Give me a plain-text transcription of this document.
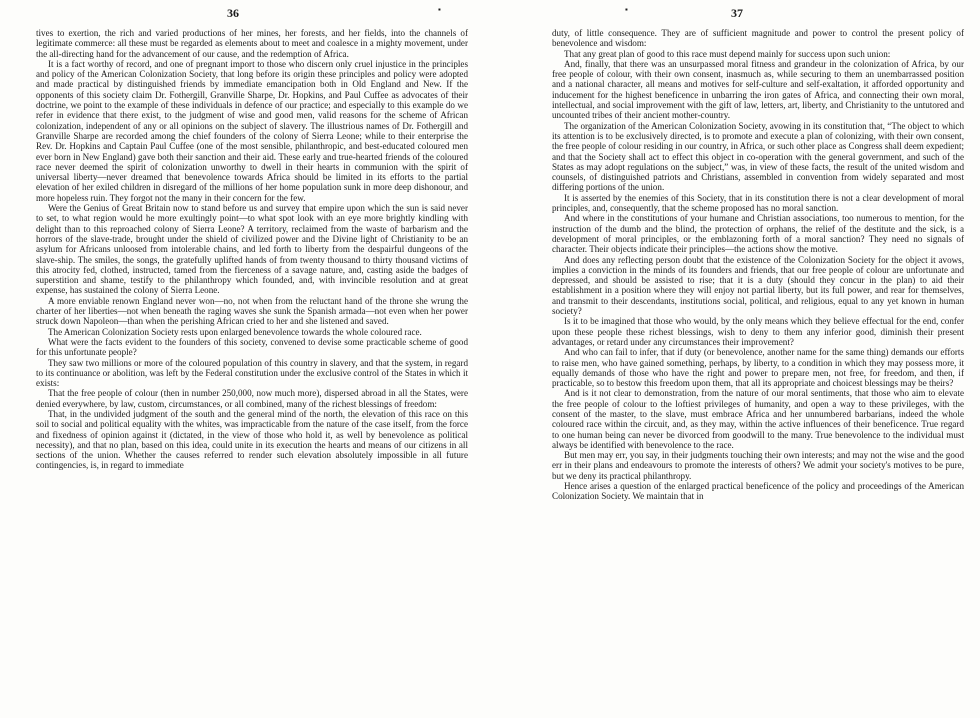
36	▪

tives to exertion, the rich and varied productions of her mines, her forests, and her fields, into the channels of legitimate commerce: all these must be regarded as elements about to meet and coalesce in a mighty movement, under the all-directing hand for the advancement of our cause, and the redemption of Africa.

It is a fact worthy of record, and one of pregnant import to those who discern only cruel injustice in the principles and policy of the American Colonization Society, that long before its origin these principles and policy were adopted and made practical by distinguished friends by immediate emancipation both in Old England and New. If the opponents of this society claim Dr. Fothergill, Granville Sharpe, Dr. Hopkins, and Paul Cuffee as advocates of their doctrine, we point to the example of these individuals in defence of our practice; and especially to this example do we refer in evidence that there exist, to the judgment of wise and good men, valid reasons for the scheme of African colonization, independent of any or all opinions on the subject of slavery. The illustrious names of Dr. Fothergill and Granville Sharpe are recorded among the chief founders of the colony of Sierra Leone; while to their enterprise the Rev. Dr. Hopkins and Captain Paul Cuffee (one of the most sensible, philanthropic, and best-educated coloured men ever born in New England) gave both their sanction and their aid. These early and true-hearted friends of the coloured race never deemed the spirit of colonization unworthy to dwell in their hearts in communion with the spirit of universal liberty—never dreamed that benevolence towards Africa should be limited in its efforts to the partial elevation of her exiled children in disregard of the millions of her home population sunk in more deep dishonour, and more hopeless ruin. They forgot not the many in their concern for the few.

Were the Genius of Great Britain now to stand before us and survey that empire upon which the sun is said never to set, to what region would he more exultingly point—to what spot look with an eye more brightly kindling with delight than to this reproached colony of Sierra Leone? A territory, reclaimed from the waste of barbarism and the horrors of the slave-trade, brought under the shield of civilized power and the Divine light of Christianity to be an asylum for Africans unloosed from intolerable chains, and led forth to liberty from the despairful dungeons of the slave-ship. The smiles, the songs, the gratefully uplifted hands of from twenty thousand to thirty thousand victims of this atrocity fed, clothed, instructed, tamed from the fierceness of a savage nature, and, casting aside the badges of superstition and shame, testify to the philanthropy which founded, and, with invincible resolution and at great expense, has sustained the colony of Sierra Leone.

A more enviable renown England never won—no, not when from the reluctant hand of the throne she wrung the charter of her liberties—not when beneath the raging waves she sunk the Spanish armada—not even when her power struck down Napoleon—than when the perishing African cried to her and she listened and saved.

The American Colonization Society rests upon enlarged benevolence towards the whole coloured race.

What were the facts evident to the founders of this society, convened to devise some practicable scheme of good for this unfortunate people?

They saw two millions or more of the coloured population of this country in slavery, and that the system, in regard to its continuance or abolition, was left by the Federal constitution under the exclusive control of the States in which it exists:

That the free people of colour (then in number 250,000, now much more), dispersed abroad in all the States, were denied everywhere, by law, custom, circumstances, or all combined, many of the richest blessings of freedom:

That, in the undivided judgment of the south and the general mind of the north, the elevation of this race on this soil to social and political equality with the whites, was impracticable from the nature of the case itself, from the force and fixedness of opinion against it (dictated, in the view of those who hold it, as well by benevolence as political necessity), and that no plan, based on this idea, could unite in its execution the hearts and means of our citizens in all sections of the union. Whether the causes referred to render such elevation absolutely impossible in all future contingencies, is, in regard to immediate

37
▪

duty, of little consequence. They are of sufficient magnitude and power to control the present policy of benevolence and wisdom:

That any great plan of good to this race must depend mainly for success upon such union:

And, finally, that there was an unsurpassed moral fitness and grandeur in the colonization of Africa, by our free people of colour, with their own consent, inasmuch as, while securing to them an unembarrassed position and a national character, all means and motives for self-culture and self-exaltation, it afforded opportunity and inducement for the highest beneficence in unbarring the iron gates of Africa, and connecting their own moral, intellectual, and social improvement with the gift of law, letters, art, liberty, and Christianity to the untutored and uncounted tribes of their ancient mother-country.

The organization of the American Colonization Society, avowing in its constitution that, “The object to which its attention is to be exclusively directed, is to promote and execute a plan of colonizing, with their own consent, the free people of colour residing in our country, in Africa, or such other place as Congress shall deem expedient; and that the Society shall act to effect this object in co-operation with the general government, and such of the States as may adopt regulations on the subject,” was, in view of these facts, the result of the united wisdom and counsels, of distinguished patriots and Christians, assembled in convention from widely separated and most differing portions of the union.

It is asserted by the enemies of this Society, that in its constitution there is not a clear development of moral principles, and, consequently, that the scheme proposed has no moral sanction.

And where in the constitutions of your humane and Christian associations, too numerous to mention, for the instruction of the dumb and the blind, the protection of orphans, the relief of the destitute and the sick, is a development of moral principles, or the emblazoning forth of a moral sanction? They need no signals of character. Their objects indicate their principles—the actions show the motive.

And does any reflecting person doubt that the existence of the Colonization Society for the object it avows, implies a conviction in the minds of its founders and friends, that our free people of colour are unfortunate and depressed, and should be assisted to rise; that it is a duty (should they concur in the plan) to aid their establishment in a position where they will enjoy not partial liberty, but its full power, and rear for themselves, and transmit to their descendants, institutions social, political, and religious, equal to any yet known in human society?

Is it to be imagined that those who would, by the only means which they believe effectual for the end, confer upon these people these richest blessings, wish to deny to them any inferior good, diminish their present advantages, or retard under any circumstances their improvement?

And who can fail to infer, that if duty (or benevolence, another name for the same thing) demands our efforts to raise men, who have gained something, perhaps, by liberty, to a condition in which they may possess more, it equally demands of those who have the right and power to prepare men, not free, for freedom, and then, if practicable, so to bestow this freedom upon them, that all its appropriate and choicest blessings may be theirs?

And is it not clear to demonstration, from the nature of our moral sentiments, that those who aim to elevate the free people of colour to the loftiest privileges of humanity, and open a way to these privileges, with the consent of the master, to the slave, must embrace Africa and her unnumbered barbarians, indeed the whole coloured race within the circuit, and, as they may, within the active influences of their beneficence. True regard to one human being can never be divorced from goodwill to the many. True benevolence to the individual must always be identified with benevolence to the race.

But men may err, you say, in their judgments touching their own interests; and may not the wise and the good err in their plans and endeavours to promote the interests of others? We admit your society's motives to be pure, but we deny its practical philanthropy.

Hence arises a question of the enlarged practical beneficence of the policy and proceedings of the American Colonization Society. We maintain that in
